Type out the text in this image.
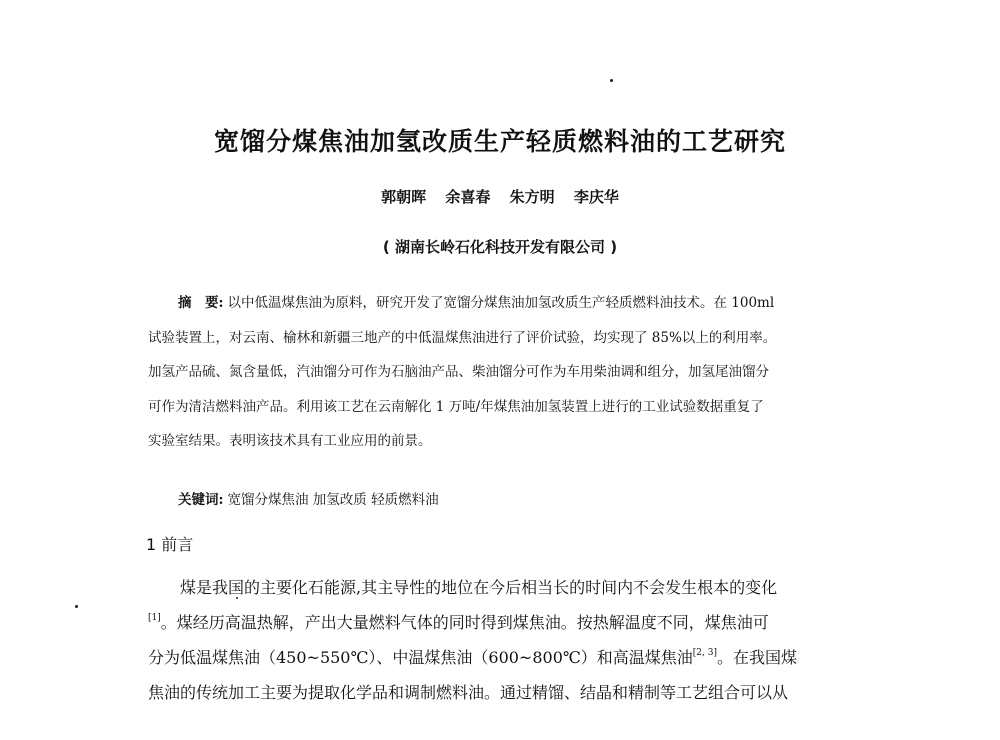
宽馏分煤焦油加氢改质生产轻质燃料油的工艺研究
郭朝晖 余喜春 朱方明 李庆华
( 湖南长岭石化科技开发有限公司 )
摘　要: 以中低温煤焦油为原料，研究开发了宽馏分煤焦油加氢改质生产轻质燃料油技术。在 100ml
试验装置上，对云南、榆林和新疆三地产的中低温煤焦油进行了评价试验，均实现了 85%以上的利用率。
加氢产品硫、氮含量低，汽油馏分可作为石脑油产品、柴油馏分可作为车用柴油调和组分，加氢尾油馏分
可作为清洁燃料油产品。利用该工艺在云南解化 1 万吨/年煤焦油加氢装置上进行的工业试验数据重复了
实验室结果。表明该技术具有工业应用的前景。
关键词: 宽馏分煤焦油 加氢改质 轻质燃料油
1 前言
煤是我国的主要化石能源,其主导性的地位在今后相当长的时间内不会发生根本的变化
[1]。煤经历高温热解，产出大量燃料气体的同时得到煤焦油。按热解温度不同，煤焦油可
分为低温煤焦油（450~550℃）、中温煤焦油（600~800℃）和高温煤焦油[2, 3]。在我国煤
焦油的传统加工主要为提取化学品和调制燃料油。通过精馏、结晶和精制等工艺组合可以从
